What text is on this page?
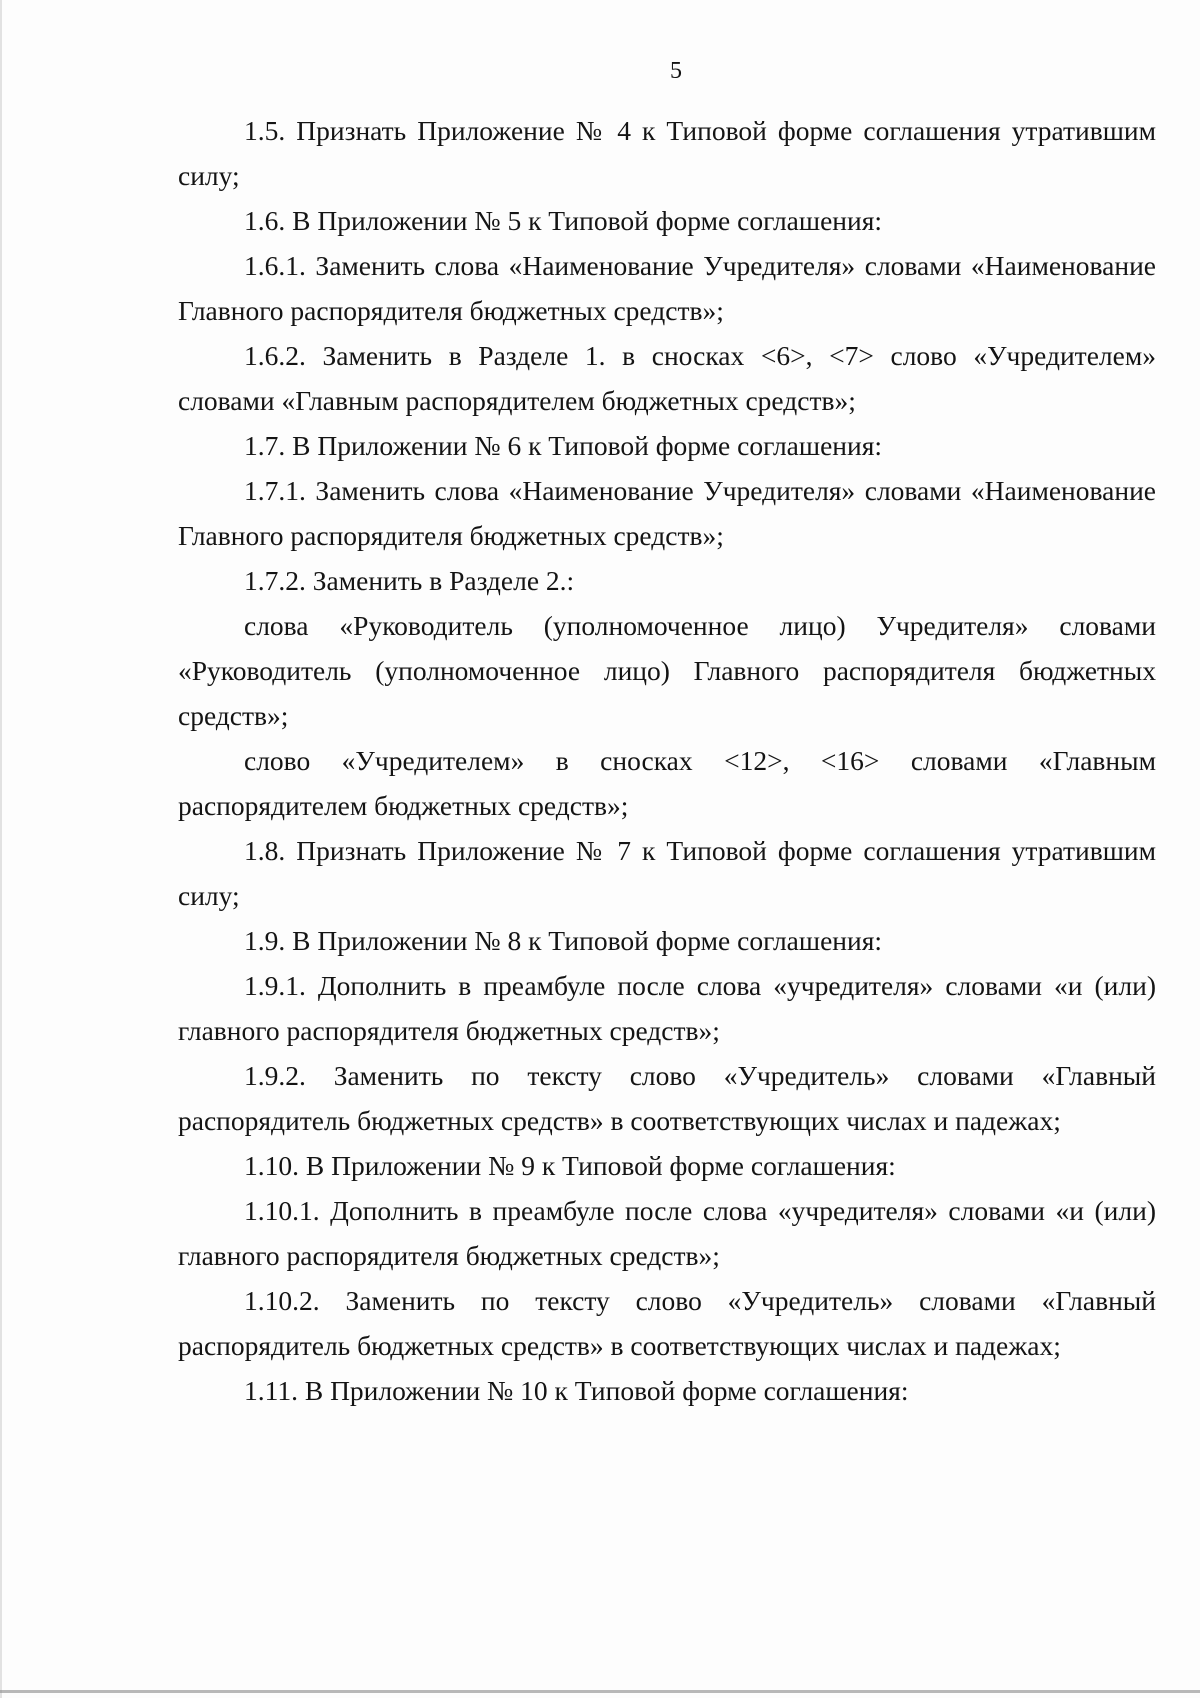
5

1.5. Признать Приложение № 4 к Типовой форме соглашения утратившим силу;

1.6. В Приложении № 5 к Типовой форме соглашения:

1.6.1. Заменить слова «Наименование Учредителя» словами «Наименование Главного распорядителя бюджетных средств»;

1.6.2. Заменить в Разделе 1. в сносках <6>, <7> слово «Учредителем» словами «Главным распорядителем бюджетных средств»;

1.7. В Приложении № 6 к Типовой форме соглашения:

1.7.1. Заменить слова «Наименование Учредителя» словами «Наименование Главного распорядителя бюджетных средств»;

1.7.2. Заменить в Разделе 2.:

слова «Руководитель (уполномоченное лицо) Учредителя» словами «Руководитель (уполномоченное лицо) Главного распорядителя бюджетных средств»;

слово «Учредителем» в сносках <12>, <16> словами «Главным распорядителем бюджетных средств»;

1.8. Признать Приложение № 7 к Типовой форме соглашения утратившим силу;

1.9. В Приложении № 8 к Типовой форме соглашения:

1.9.1. Дополнить в преамбуле после слова «учредителя» словами «и (или) главного распорядителя бюджетных средств»;

1.9.2. Заменить по тексту слово «Учредитель» словами «Главный распорядитель бюджетных средств» в соответствующих числах и падежах;

1.10. В Приложении № 9 к Типовой форме соглашения:

1.10.1. Дополнить в преамбуле после слова «учредителя» словами «и (или) главного распорядителя бюджетных средств»;

1.10.2. Заменить по тексту слово «Учредитель» словами «Главный распорядитель бюджетных средств» в соответствующих числах и падежах;

1.11. В Приложении № 10 к Типовой форме соглашения:
